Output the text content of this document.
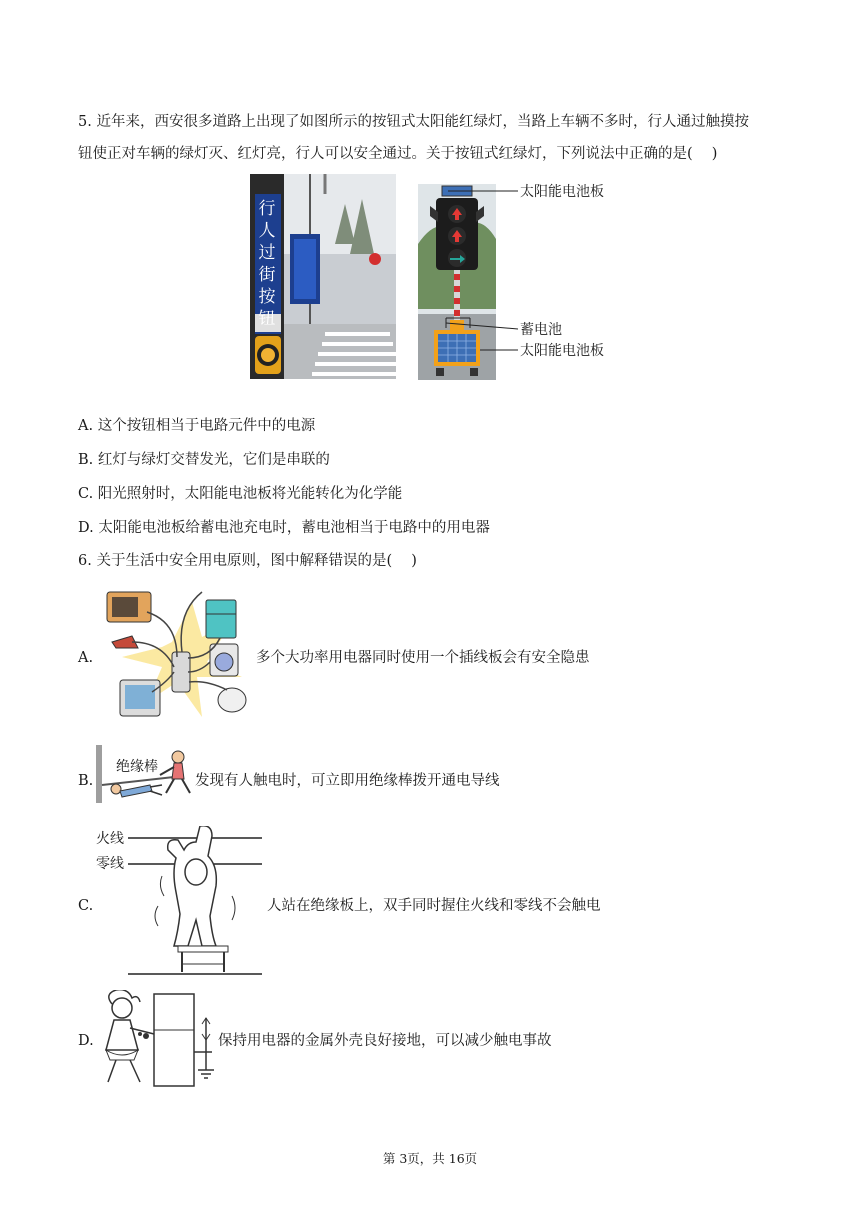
5. 近年来，西安很多道路上出现了如图所示的按钮式太阳能红绿灯，当路上车辆不多时，行人通过触摸按
钮使正对车辆的绿灯灭、红灯亮，行人可以安全通过。关于按钮式红绿灯，下列说法中正确的是(　 )
行人过街按钮
太阳能电池板
蓄电池
太阳能电池板
A. 这个按钮相当于电路元件中的电源
B. 红灯与绿灯交替发光，它们是串联的
C. 阳光照射时，太阳能电池板将光能转化为化学能
D. 太阳能电池板给蓄电池充电时，蓄电池相当于电路中的用电器
6. 关于生活中安全用电原则，图中解释错误的是(　 )
A.	多个大功率用电器同时使用一个插线板会有安全隐患
B.
绝缘棒
发现有人触电时，可立即用绝缘棒拨开通电导线
C.
火线
零线
人站在绝缘板上，双手同时握住火线和零线不会触电
D.	保持用电器的金属外壳良好接地，可以减少触电事故
第 3页，共 16页
